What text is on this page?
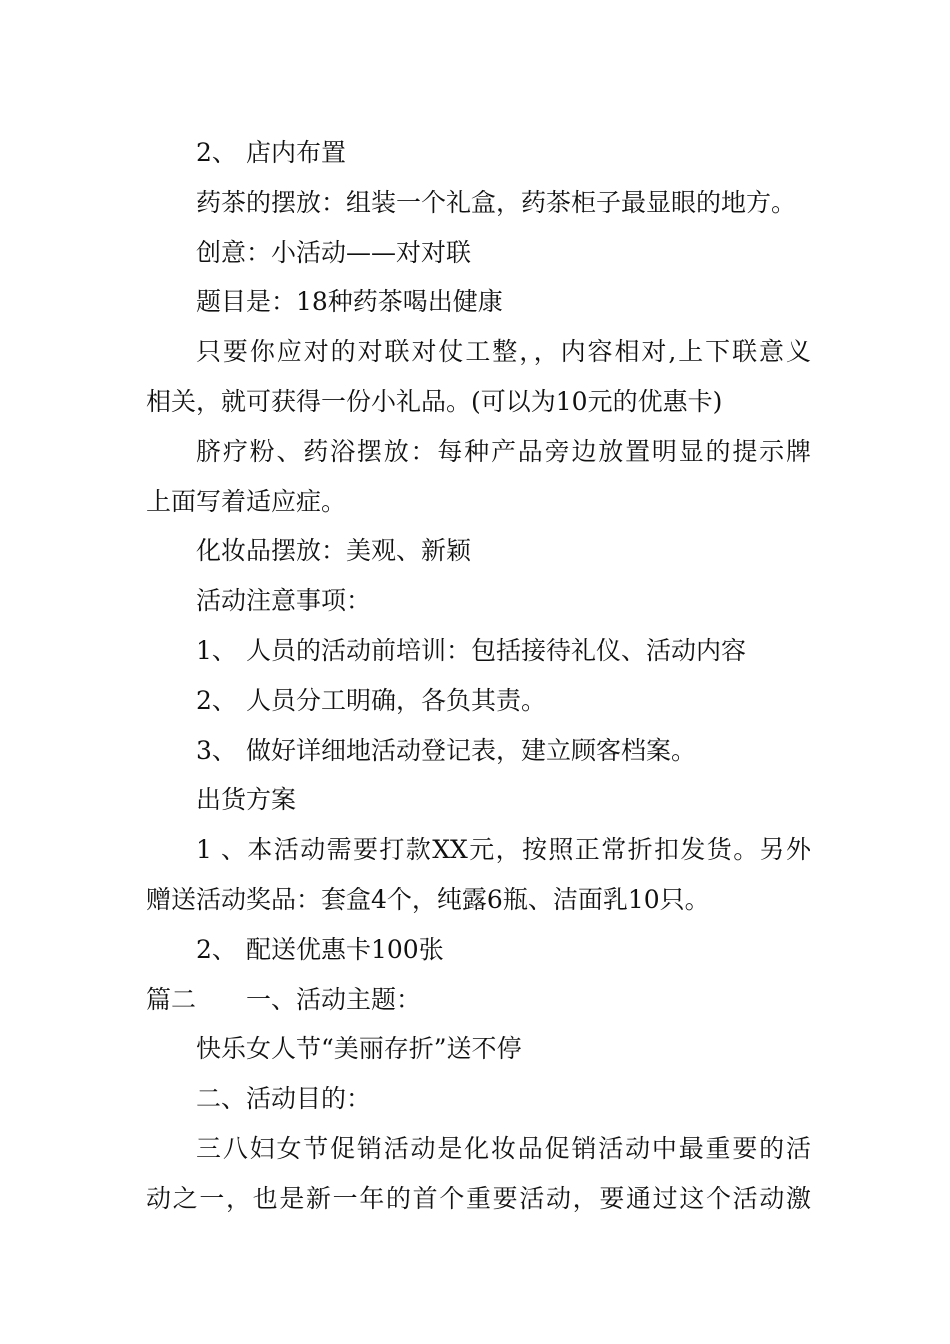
2、 店内布置
药茶的摆放：组装一个礼盒，药茶柜子最显眼的地方。
创意：小活动——对对联
题目是：18种药茶喝出健康
只要你应对的对联对仗工整，，内容相对,上下联意义
相关，就可获得一份小礼品。(可以为10元的优惠卡)
脐疗粉、药浴摆放：每种产品旁边放置明显的提示牌
上面写着适应症。
化妆品摆放：美观、新颖
活动注意事项：
1、 人员的活动前培训：包括接待礼仪、活动内容
2、 人员分工明确，各负其责。
3、 做好详细地活动登记表，建立顾客档案。
出货方案
1、本活动需要打款XX元，按照正常折扣发货。另外
赠送活动奖品：套盒4个，纯露6瓶、洁面乳10只。
2、 配送优惠卡100张
篇二 一、活动主题：
快乐女人节“美丽存折”送不停
二、活动目的：
三八妇女节促销活动是化妆品促销活动中最重要的活
动之一，也是新一年的首个重要活动，要通过这个活动激
